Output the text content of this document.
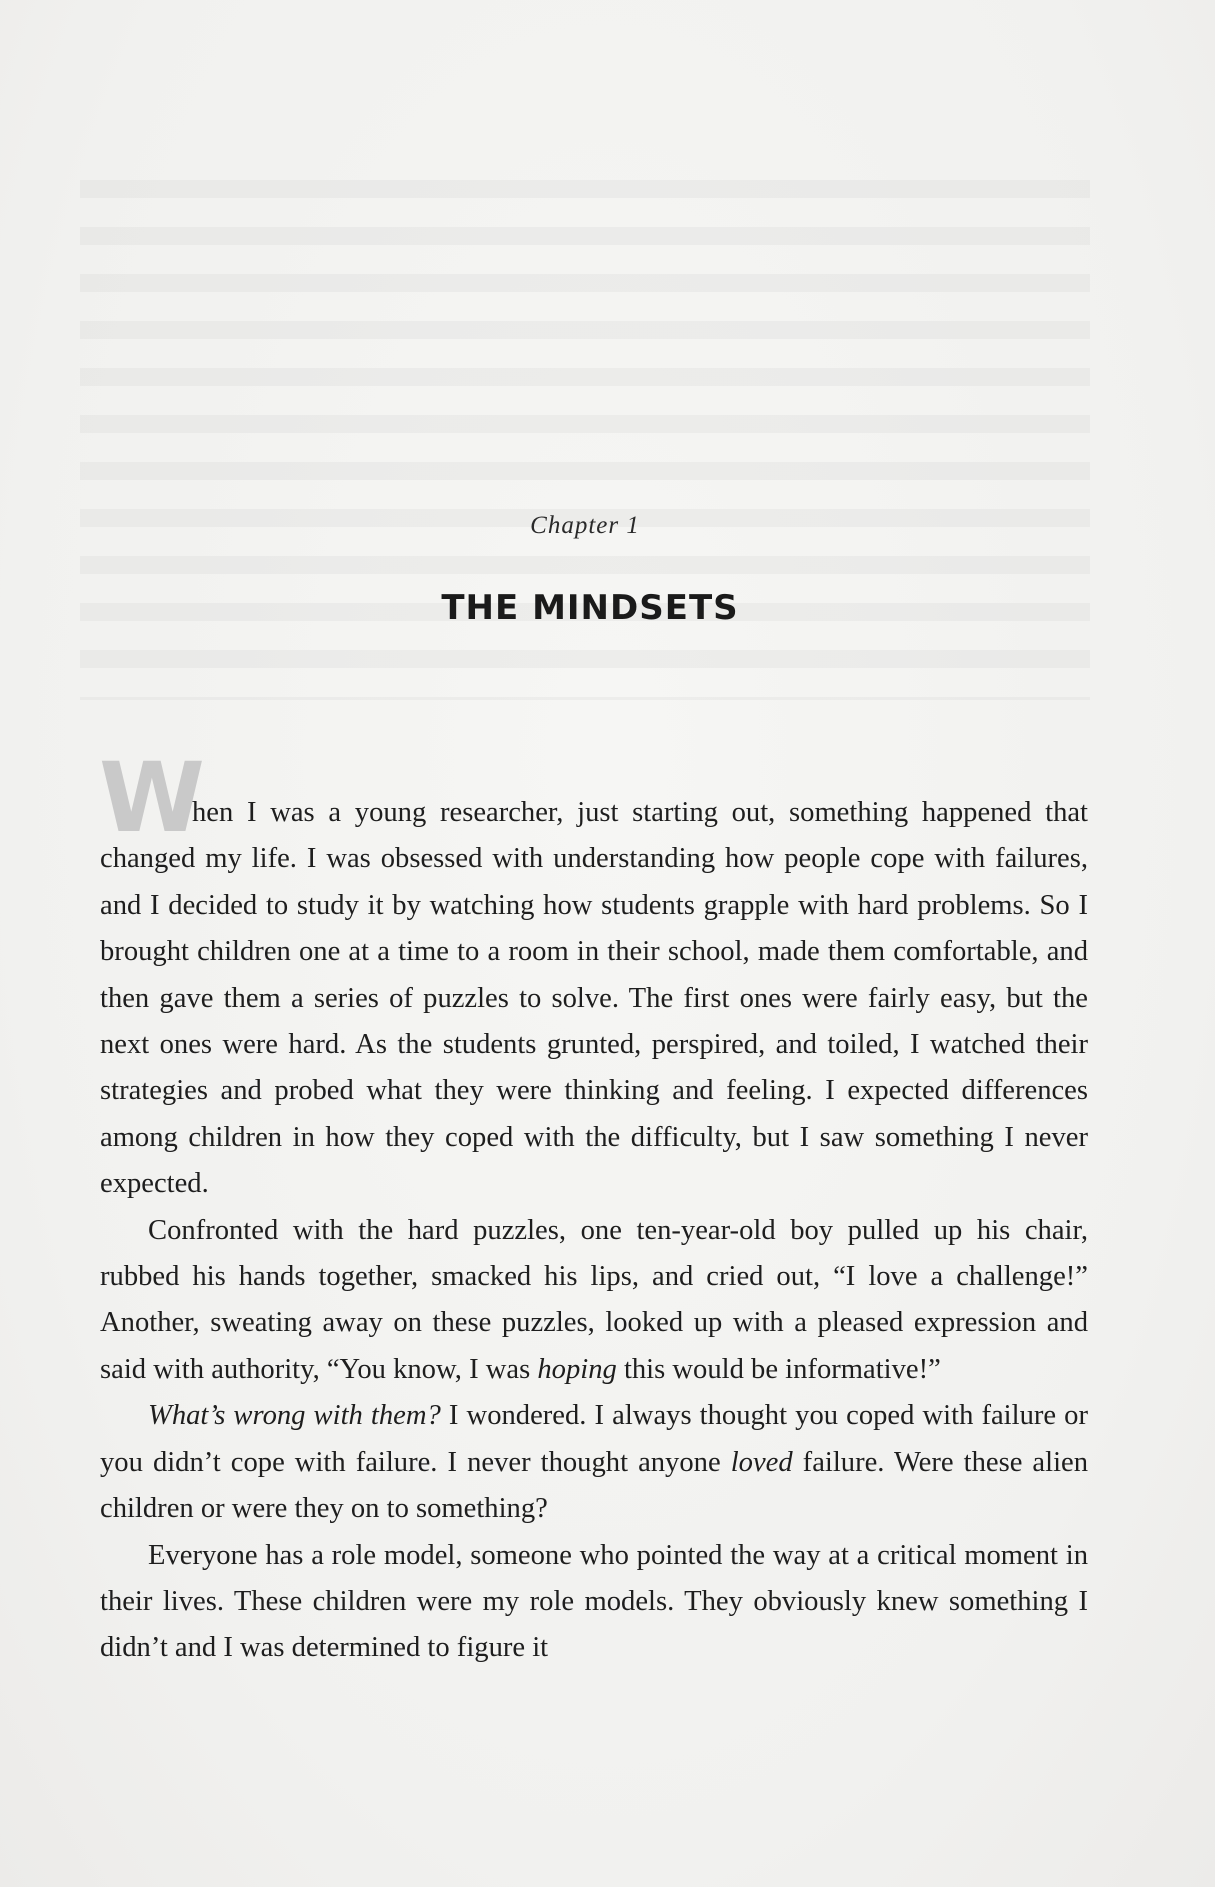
Chapter 1
THE MINDSETS
W

hen I was a young researcher, just starting out, something happened that changed my life. I was obsessed with understanding how people cope with failures, and I decided to study it by watching how students grapple with hard problems. So I brought children one at a time to a room in their school, made them comfortable, and then gave them a series of puzzles to solve. The first ones were fairly easy, but the next ones were hard. As the students grunted, perspired, and toiled, I watched their strategies and probed what they were thinking and feeling. I expected differences among children in how they coped with the difficulty, but I saw something I never expected.

Confronted with the hard puzzles, one ten-year-old boy pulled up his chair, rubbed his hands together, smacked his lips, and cried out, “I love a challenge!” Another, sweating away on these puzzles, looked up with a pleased expression and said with authority, “You know, I was hoping this would be informative!”

What’s wrong with them? I wondered. I always thought you coped with failure or you didn’t cope with failure. I never thought anyone loved failure. Were these alien children or were they on to something?

Everyone has a role model, someone who pointed the way at a critical moment in their lives. These children were my role models. They obviously knew something I didn’t and I was determined to figure it
